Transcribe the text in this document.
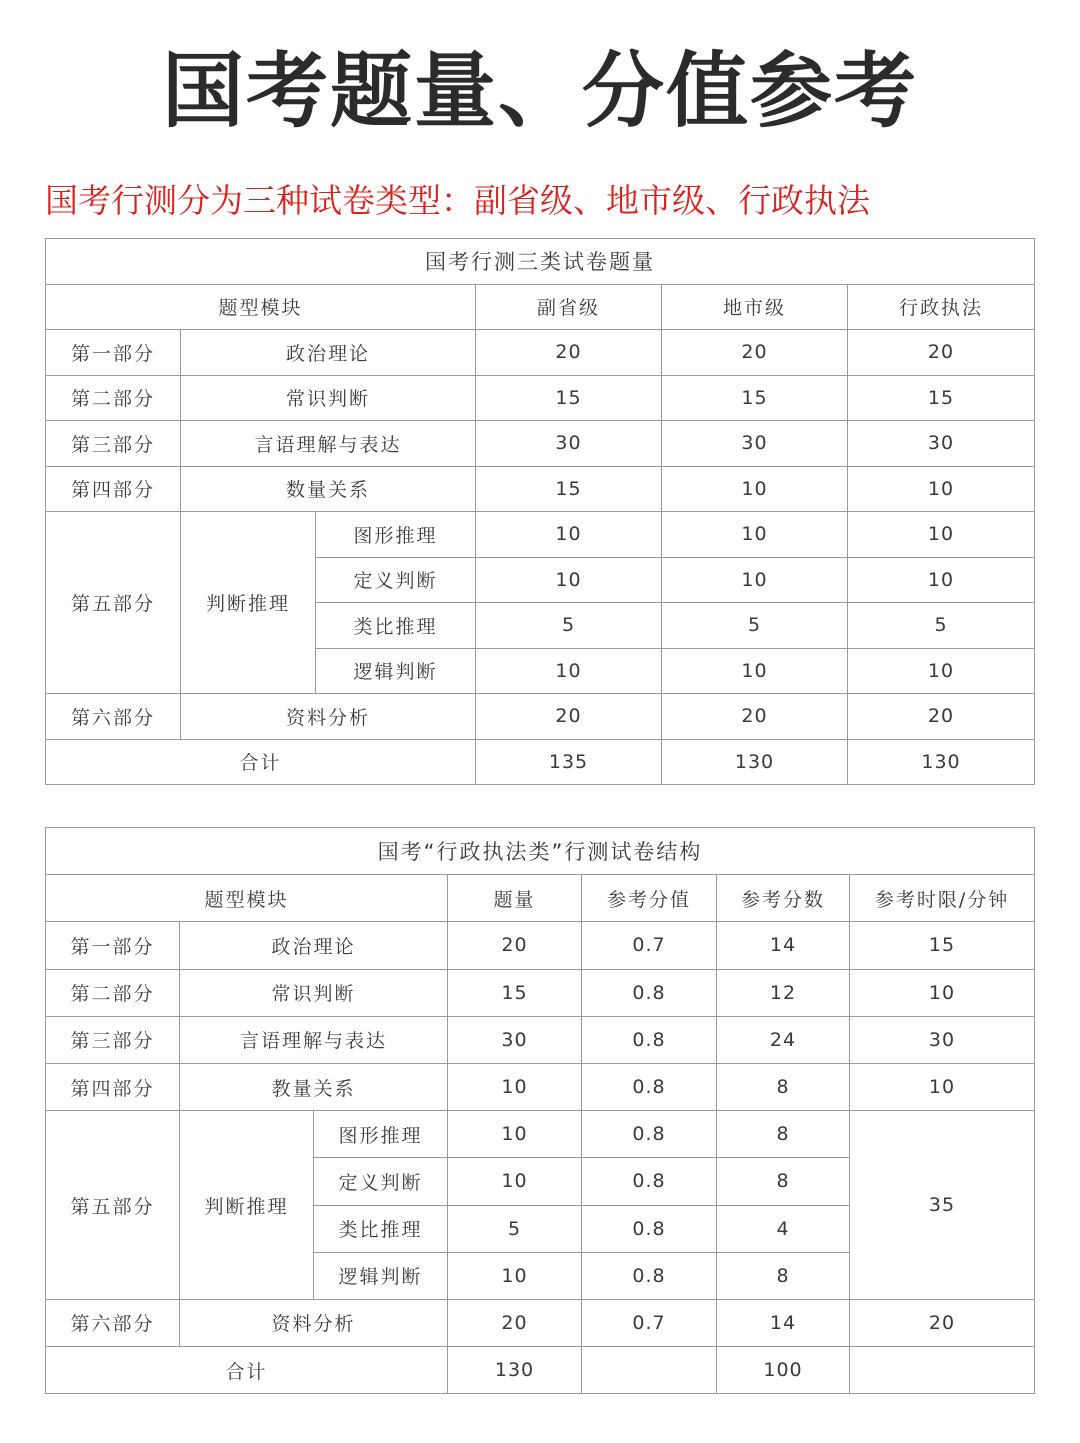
国考题量、分值参考
国考行测分为三种试卷类型：副省级、地市级、行政执法
国考行测三类试卷题量					
题型模块			副省级	地市级	行政执法
第一部分	政治理论		20	20	20
第二部分	常识判断		15	15	15
第三部分	言语理解与表达		30	30	30
第四部分	数量关系		15	10	10
第五部分	判断推理	图形推理	10	10	10
		定义判断	10	10	10
		类比推理	5	5	5
		逻辑判断	10	10	10
第六部分	资料分析		20	20	20
合计			135	130	130
国考“行政执法类”行测试卷结构						
题型模块			题量	参考分值	参考分数	参考时限/分钟
第一部分	政治理论		20	0.7	14	15
第二部分	常识判断		15	0.8	12	10
第三部分	言语理解与表达		30	0.8	24	30
第四部分	教量关系		10	0.8	8	10
第五部分	判断推理	图形推理	10	0.8	8	35
		定义判断	10	0.8	8	
		类比推理	5	0.8	4	
		逻辑判断	10	0.8	8	
第六部分	资料分析		20	0.7	14	20
合计			130		100	
